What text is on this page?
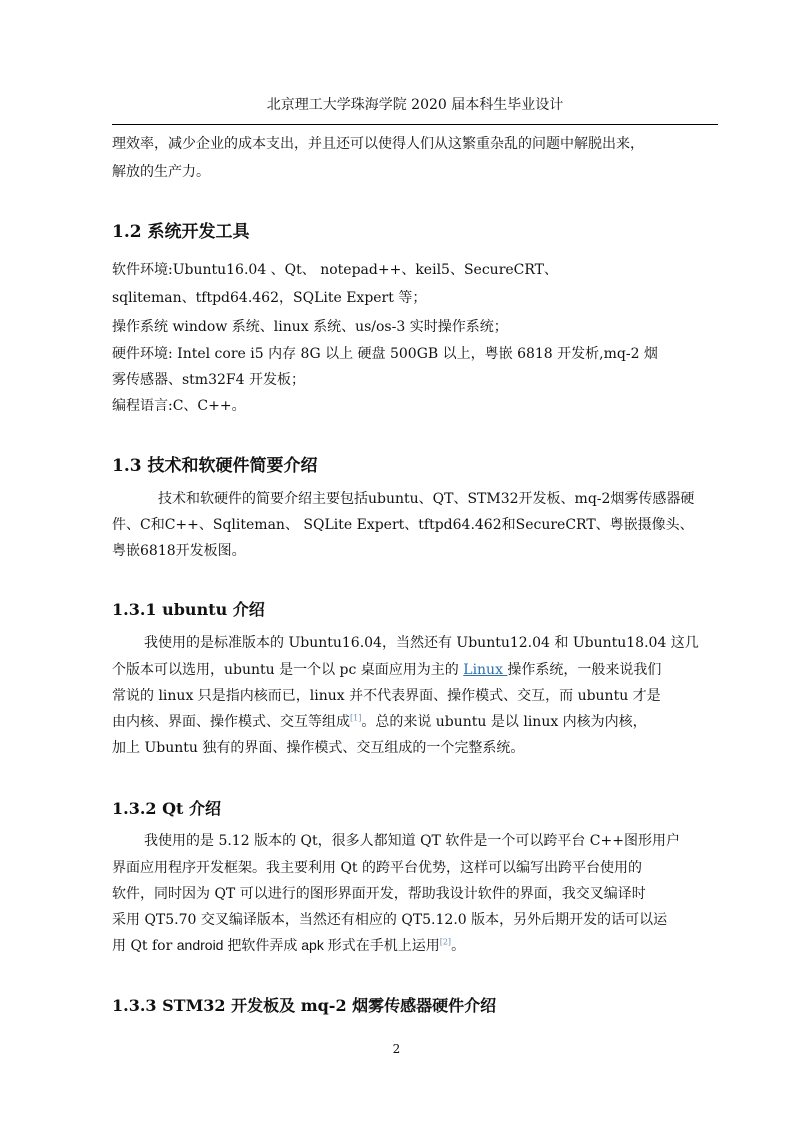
北京理工大学珠海学院 2020 届本科生毕业设计
理效率，减少企业的成本支出，并且还可以使得人们从这繁重杂乱的问题中解脱出来，
解放的生产力。
1.2 系统开发工具
软件环境:Ubuntu16.04 、Qt、 notepad++、keil5、SecureCRT、
sqliteman、tftpd64.462，SQLite Expert 等；
操作系统 window 系统、linux 系统、us/os-3 实时操作系统；
硬件环境: Intel core i5 内存 8G 以上 硬盘 500GB 以上，粤嵌 6818 开发析,mq-2 烟
雾传感器、stm32F4 开发板；
编程语言:C、C++。
1.3 技术和软硬件简要介绍
技术和软硬件的简要介绍主要包括ubuntu、QT、STM32开发板、mq-2烟雾传感器硬
件、C和C++、Sqliteman、 SQLite Expert、tftpd64.462和SecureCRT、粤嵌摄像头、
粤嵌6818开发板图。
1.3.1 ubuntu 介绍
我使用的是标准版本的 Ubuntu16.04，当然还有 Ubuntu12.04 和 Ubuntu18.04 这几
个版本可以选用，ubuntu 是一个以 pc 桌面应用为主的 Linux 操作系统，一般来说我们
常说的 linux 只是指内核而已，linux 并不代表界面、操作模式、交互，而 ubuntu 才是
由内核、界面、操作模式、交互等组成[1]。总的来说 ubuntu 是以 linux 内核为内核，
加上 Ubuntu 独有的界面、操作模式、交互组成的一个完整系统。
1.3.2 Qt 介绍
我使用的是 5.12 版本的 Qt，很多人都知道 QT 软件是一个可以跨平台 C++图形用户
界面应用程序开发框架。我主要利用 Qt 的跨平台优势，这样可以编写出跨平台使用的
软件，同时因为 QT 可以进行的图形界面开发，帮助我设计软件的界面，我交叉编译时
采用 QT5.70 交叉编译版本，当然还有相应的 QT5.12.0 版本，另外后期开发的话可以运
用 Qt for android 把软件弄成 apk 形式在手机上运用[2]。
1.3.3 STM32 开发板及 mq-2 烟雾传感器硬件介绍
2
